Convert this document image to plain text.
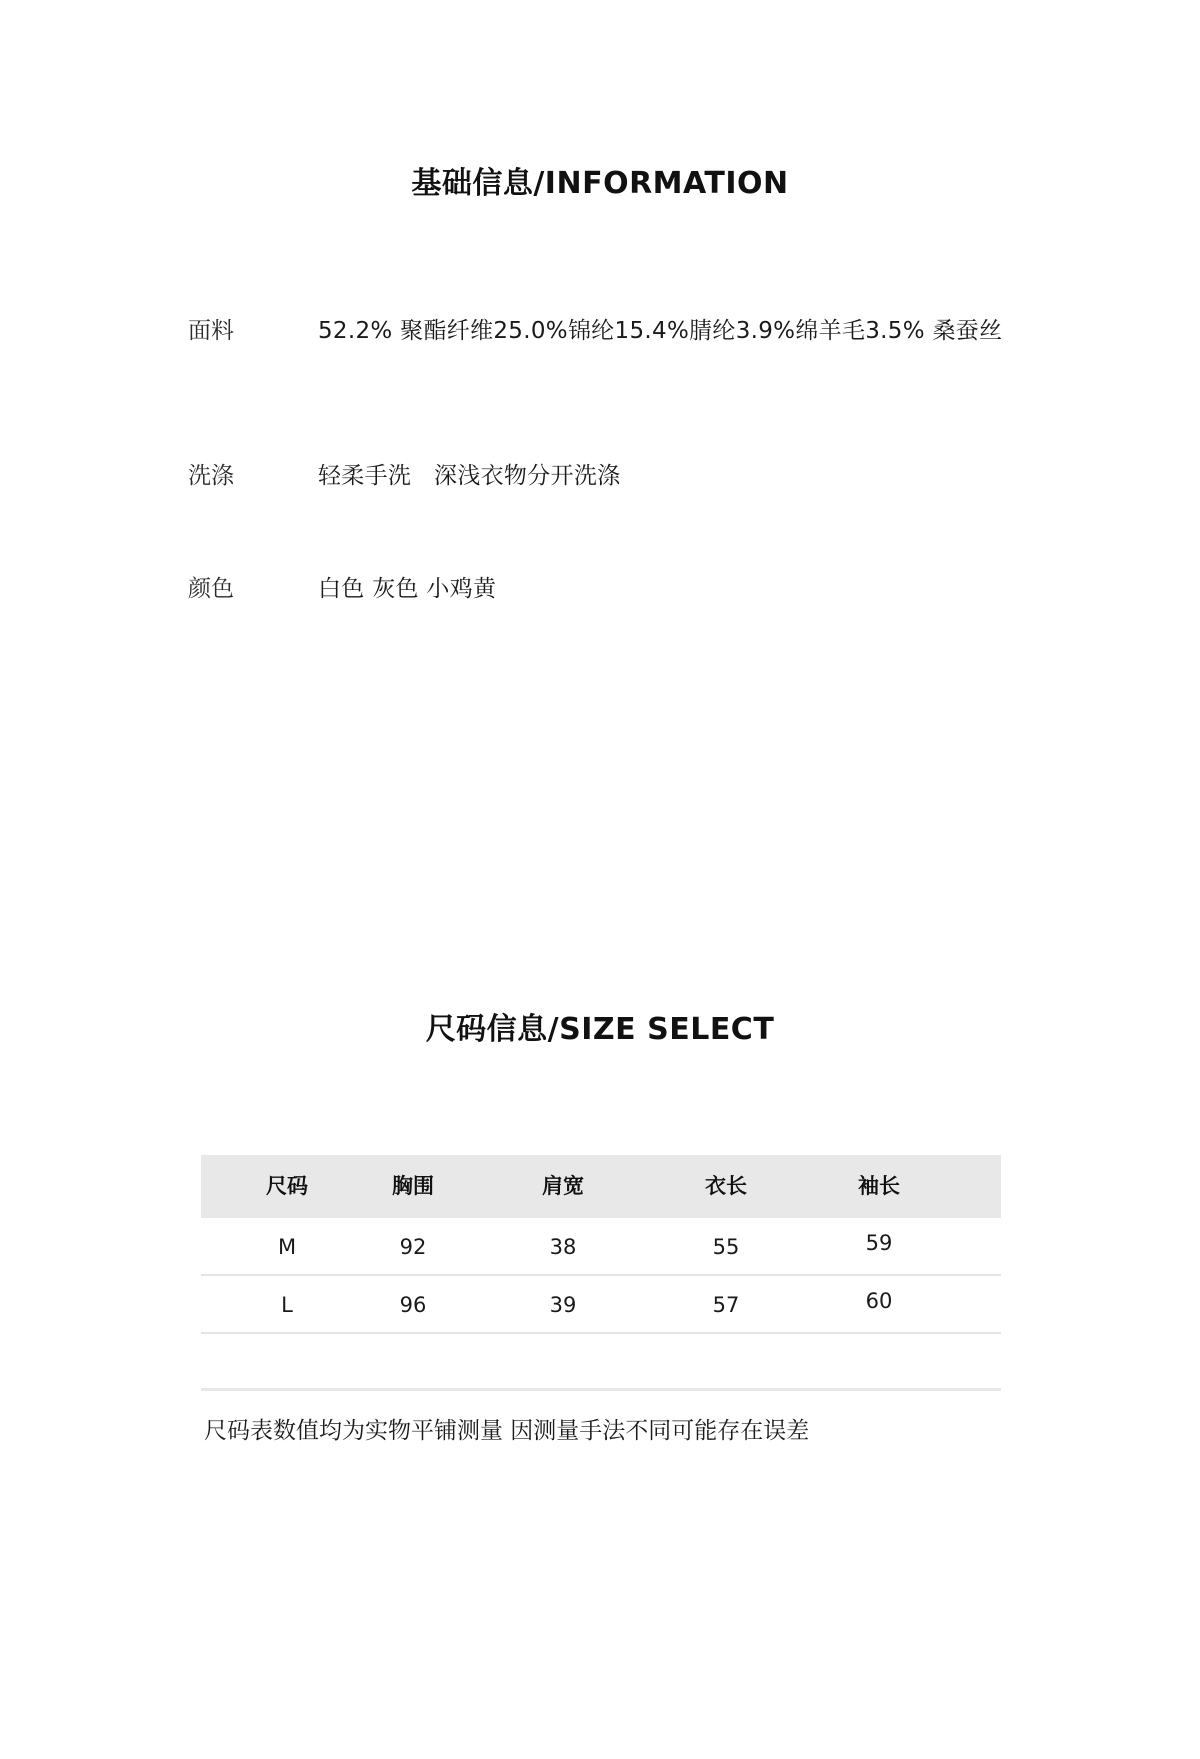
基础信息/INFORMATION
面料	52.2% 聚酯纤维25.0%锦纶15.4%腈纶3.9%绵羊毛3.5% 桑蚕丝
洗涤	轻柔手洗   深浅衣物分开洗涤
颜色	白色 灰色 小鸡黄
尺码信息/SIZE SELECT
尺码	胸围	肩宽	衣长	袖长
M	92	38	55	59
L	96	39	57	60
尺码表数值均为实物平铺测量 因测量手法不同可能存在误差
